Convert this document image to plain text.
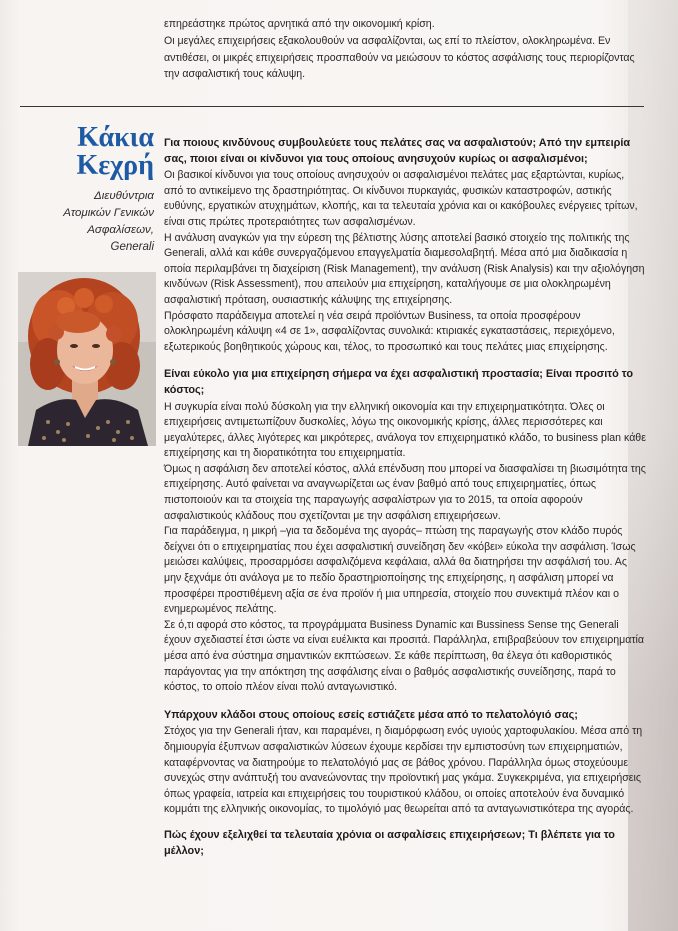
επηρεάστηκε πρώτος αρνητικά από την οικονομική κρίση.

Οι μεγάλες επιχειρήσεις εξακολουθούν να ασφαλίζονται, ως επί το πλείστον, ολοκληρωμένα. Εν αντιθέσει, οι μικρές επιχειρήσεις προσπαθούν να μειώσουν το κόστος ασφάλισης τους περιορίζοντας την ασφαλιστική τους κάλυψη.

Κάκια
Κεχρή

Διευθύντρια
Ατομικών Γενικών
Ασφαλίσεων,
Generali

Για ποιους κινδύνους συμβουλεύετε τους πελάτες σας να ασφαλιστούν; Από την εμπειρία σας, ποιοι είναι οι κίνδυνοι για τους οποίους ανησυχούν κυρίως οι ασφαλισμένοι;

Οι βασικοί κίνδυνοι για τους οποίους ανησυχούν οι ασφαλισμένοι πελάτες μας εξαρτώνται, κυρίως, από το αντικείμενο της δραστηριότητας. Οι κίνδυνοι πυρκαγιάς, φυσικών καταστροφών, αστικής ευθύνης, εργατικών ατυχημάτων, κλοπής, και τα τελευταία χρόνια και οι κακόβουλες ενέργειες τρίτων, είναι στις πρώτες προτεραιότητες των ασφαλισμένων.

Η ανάλυση αναγκών για την εύρεση της βέλτιστης λύσης αποτελεί βασικό στοιχείο της πολιτικής της Generali, αλλά και κάθε συνεργαζόμενου επαγγελματία διαμεσολαβητή. Μέσα από μια διαδικασία η οποία περιλαμβάνει τη διαχείριση (Risk Management), την ανάλυση (Risk Analysis) και την αξιολόγηση κινδύνων (Risk Assessment), που απειλούν μια επιχείρηση, καταλήγουμε σε μια ολοκληρωμένη ασφαλιστική πρόταση, ουσιαστικής κάλυψης της επιχείρησης.

Πρόσφατο παράδειγμα αποτελεί η νέα σειρά προϊόντων Business, τα οποία προσφέρουν ολοκληρωμένη κάλυψη «4 σε 1», ασφαλίζοντας συνολικά: κτιριακές εγκαταστάσεις, περιεχόμενο, εξωτερικούς βοηθητικούς χώρους και, τέλος, το προσωπικό και τους πελάτες μιας επιχείρησης.

Είναι εύκολο για μια επιχείρηση σήμερα να έχει ασφαλιστική προστασία; Είναι προσιτό το κόστος;

Η συγκυρία είναι πολύ δύσκολη για την ελληνική οικονομία και την επιχειρηματικότητα. Όλες οι επιχειρήσεις αντιμετωπίζουν δυσκολίες, λόγω της οικονομικής κρίσης, άλλες περισσότερες και μεγαλύτερες, άλλες λιγότερες και μικρότερες, ανάλογα τον επιχειρηματικό κλάδο, το business plan κάθε επιχείρησης και τη διορατικότητα του επιχειρηματία.

Όμως η ασφάλιση δεν αποτελεί κόστος, αλλά επένδυση που μπορεί να διασφαλίσει τη βιωσιμότητα της επιχείρησης. Αυτό φαίνεται να αναγνωρίζεται ως έναν βαθμό από τους επιχειρηματίες, όπως πιστοποιούν και τα στοιχεία της παραγωγής ασφαλίστρων για το 2015, τα οποία αφορούν ασφαλιστικούς κλάδους που σχετίζονται με την ασφάλιση επιχειρήσεων.

Για παράδειγμα, η μικρή –για τα δεδομένα της αγοράς– πτώση της παραγωγής στον κλάδο πυρός δείχνει ότι ο επιχειρηματίας που έχει ασφαλιστική συνείδηση δεν «κόβει» εύκολα την ασφάλιση. Ίσως μειώσει καλύψεις, προσαρμόσει ασφαλιζόμενα κεφάλαια, αλλά θα διατηρήσει την ασφάλισή του. Ας μην ξεχνάμε ότι ανάλογα με το πεδίο δραστηριοποίησης της επιχείρησης, η ασφάλιση μπορεί να προσφέρει προστιθέμενη αξία σε ένα προϊόν ή μια υπηρεσία, στοιχείο που συνεκτιμά πλέον και ο ενημερωμένος πελάτης.

Σε ό,τι αφορά στο κόστος, τα προγράμματα Business Dynamic και Bussiness Sense της Generali έχουν σχεδιαστεί έτσι ώστε να είναι ευέλικτα και προσιτά. Παράλληλα, επιβραβεύουν τον επιχειρηματία μέσα από ένα σύστημα σημαντικών εκπτώσεων. Σε κάθε περίπτωση, θα έλεγα ότι καθοριστικός παράγοντας για την απόκτηση της ασφάλισης είναι ο βαθμός ασφαλιστικής συνείδησης, παρά το κόστος, το οποίο πλέον είναι πολύ ανταγωνιστικό.

Υπάρχουν κλάδοι στους οποίους εσείς εστιάζετε μέσα από το πελατολόγιό σας;

Στόχος για την Generali ήταν, και παραμένει, η διαμόρφωση ενός υγιούς χαρτοφυλακίου. Μέσα από τη δημιουργία έξυπνων ασφαλιστικών λύσεων έχουμε κερδίσει την εμπιστοσύνη των επιχειρηματιών, καταφέρνοντας να διατηρούμε το πελατολόγιό μας σε βάθος χρόνου. Παράλληλα όμως στοχεύουμε συνεχώς στην ανάπτυξή του ανανεώνοντας την προϊοντική μας γκάμα. Συγκεκριμένα, για επιχειρήσεις όπως γραφεία, ιατρεία και επιχειρήσεις του τουριστικού κλάδου, οι οποίες αποτελούν ένα δυναμικό κομμάτι της ελληνικής οικονομίας, το τιμολόγιό μας θεωρείται από τα ανταγωνιστικότερα της αγοράς.

Πώς έχουν εξελιχθεί τα τελευταία χρόνια οι ασφαλίσεις επιχειρήσεων; Τι βλέπετε για το μέλλον;
